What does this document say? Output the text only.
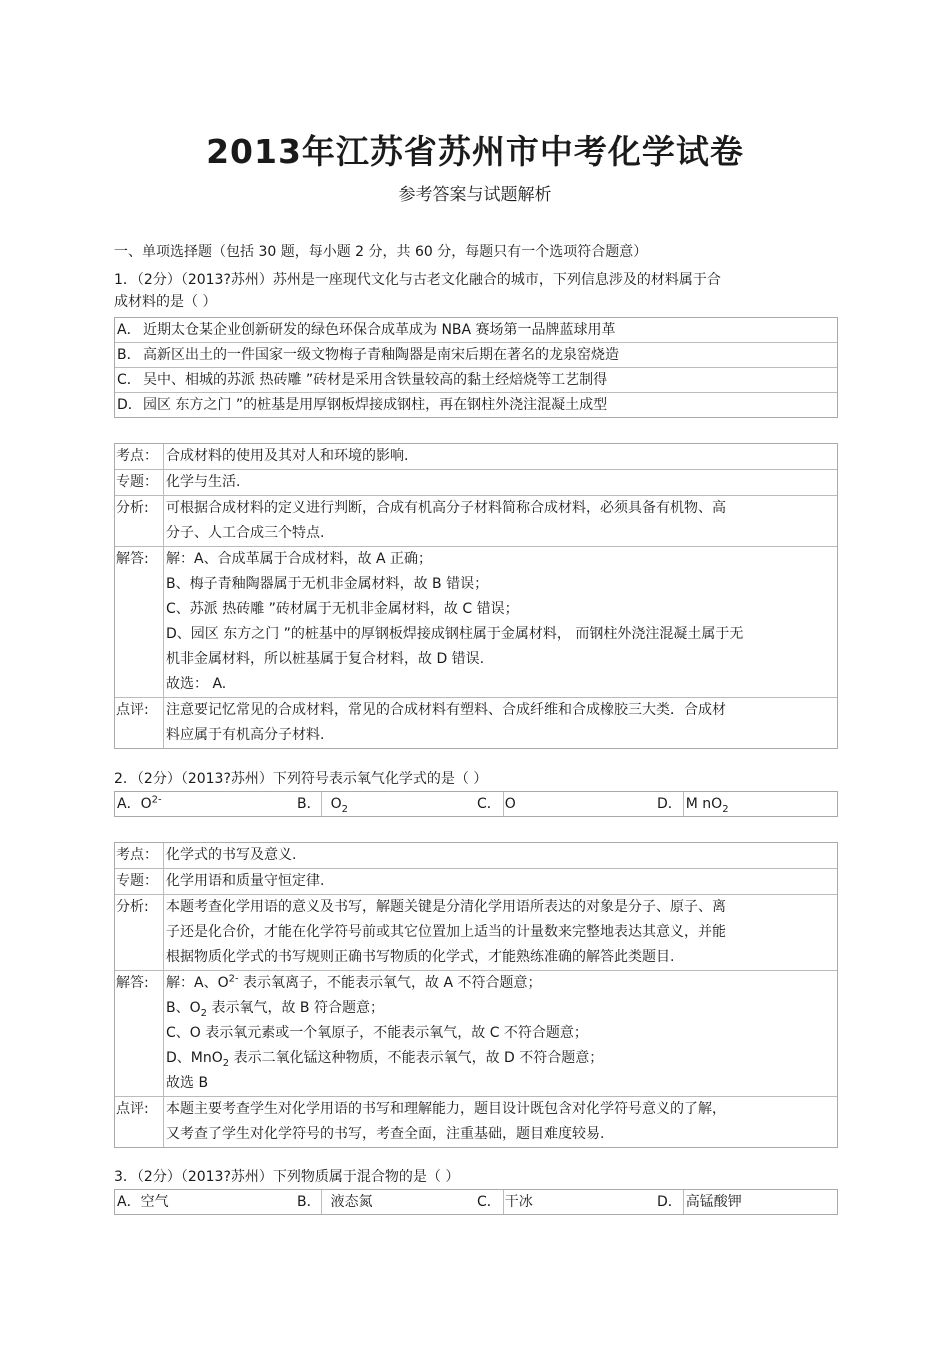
2013年江苏省苏州市中考化学试卷
参考答案与试题解析
一、单项选择题（包括 30 题，每小题 2 分，共 60 分，每题只有一个选项符合题意）
1．（2分）（2013?苏州）苏州是一座现代文化与古老文化融合的城市，下列信息涉及的材料属于合
成材料的是（ ）
A． 近期太仓某企业创新研发的绿色环保合成革成为 NBA 赛场第一品牌蓝球用革
B． 高新区出土的一件国家一级文物梅子青釉陶器是南宋后期在著名的龙泉窑烧造
C． 吴中、相城的苏派 热砖雕 ”砖材是采用含铁量较高的黏土经焙烧等工艺制得
D．园区 东方之门 ”的桩基是用厚钢板焊接成钢柱，再在钢柱外浇注混凝土成型
考点： 合成材料的使用及其对人和环境的影响.
专题： 化学与生活.
分析:	可根据合成材料的定义进行判断，合成有机高分子材料简称合成材料，必须具备有机物、高
分子、人工合成三个特点.
解答:	解：A、合成革属于合成材料，故 A 正确；
B、梅子青釉陶器属于无机非金属材料，故 B 错误；
C、苏派 热砖雕 ”砖材属于无机非金属材料，故 C 错误；
D、园区 东方之门 ”的桩基中的厚钢板焊接成钢柱属于金属材料， 而钢柱外浇注混凝土属于无
机非金属材料，所以桩基属于复合材料，故 D 错误.
故选： A.
点评:	注意要记忆常见的合成材料，常见的合成材料有塑料、合成纤维和合成橡胶三大类．合成材
料应属于有机高分子材料.
2．（2分）（2013?苏州）下列符号表示氧气化学式的是（ ）
A．$O^{2-}$	B． $O_2$	C． O	D． M $nO_2$
考点： 化学式的书写及意义.
专题： 化学用语和质量守恒定律.
分析:	本题考查化学用语的意义及书写，解题关键是分清化学用语所表达的对象是分子、原子、离
子还是化合价，才能在化学符号前或其它位置加上适当的计量数来完整地表达其意义，并能
根据物质化学式的书写规则正确书写物质的化学式，才能熟练准确的解答此类题目.
解答:	解：A、$O^{2-}$ 表示氧离子，不能表示氧气，故 A 不符合题意；
B、$O_2$ 表示氧气，故 B 符合题意；
C、O 表示氧元素或一个氧原子，不能表示氧气，故 C 不符合题意；
D、MnO$_2$ 表示二氧化锰这种物质，不能表示氧气，故 D 不符合题意；
故选 B
点评:	本题主要考查学生对化学用语的书写和理解能力，题目设计既包含对化学符号意义的了解，
又考查了学生对化学符号的书写，考查全面，注重基础，题目难度较易.
3．（2分）（2013?苏州）下列物质属于混合物的是（ ）
A．空气	B． 液态氮	C． 干冰	D． 高锰酸钾
